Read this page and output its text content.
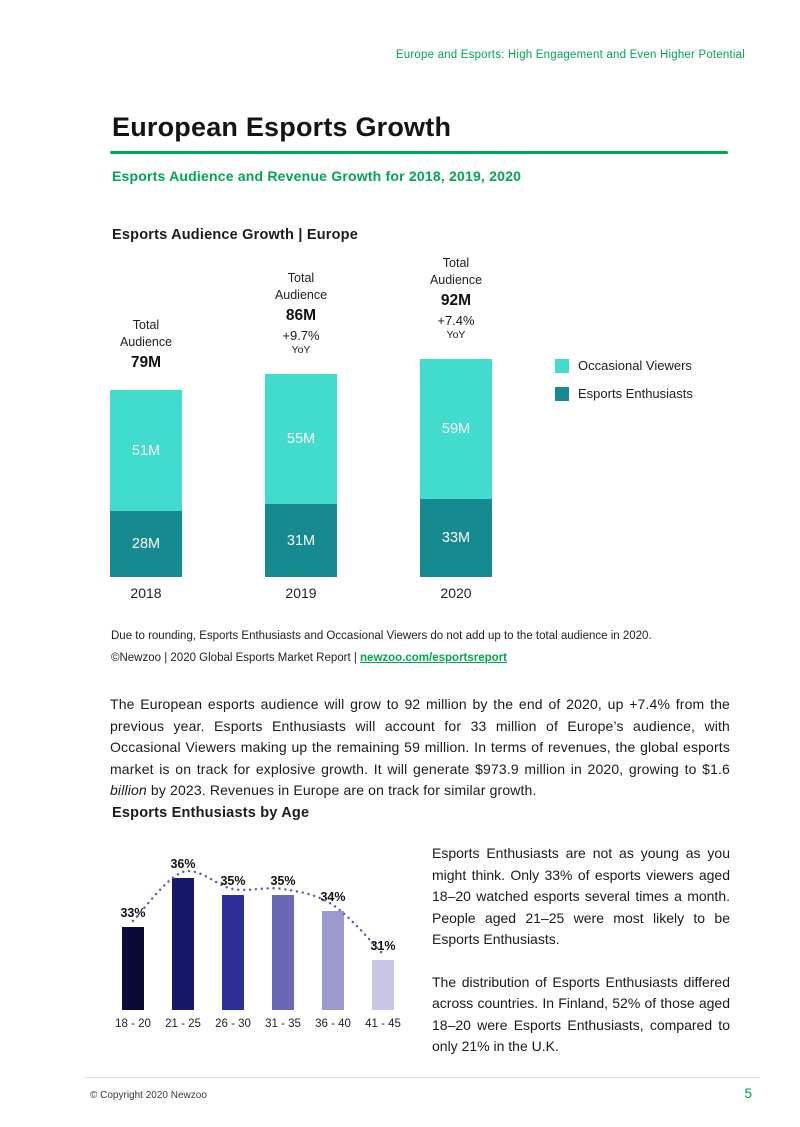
Europe and Esports: High Engagement and Even Higher Potential
European Esports Growth
Esports Audience and Revenue Growth for 2018, 2019, 2020
Esports Audience Growth | Europe
Occasional Viewers
Esports Enthusiasts
Total Audience
79M
51M
28M
2018
Total Audience
86M
+9.7%
YoY
55M
31M
2019
Total Audience
92M
+7.4%
YoY
59M
33M
2020
Due to rounding, Esports Enthusiasts and Occasional Viewers do not add up to the total audience in 2020.
©Newzoo | 2020 Global Esports Market Report | newzoo.com/esportsreport

The European esports audience will grow to 92 million by the end of 2020, up +7.4% from the previous year. Esports Enthusiasts will account for 33 million of Europe’s audience, with Occasional Viewers making up the remaining 59 million. In terms of revenues, the global esports market is on track for explosive growth. It will generate $973.9 million in 2020, growing to $1.6 billion by 2023. Revenues in Europe are on track for similar growth.

Esports Enthusiasts by Age
33%
36%
35%	35%
34%
31%
18 - 20	21 - 25	26 - 30	31 - 35	36 - 40	41 - 45

Esports Enthusiasts are not as young as you might think. Only 33% of esports viewers aged 18–20 watched esports several times a month. People aged 21–25 were most likely to be Esports Enthusiasts.

The distribution of Esports Enthusiasts differed across countries. In Finland, 52% of those aged 18–20 were Esports Enthusiasts, compared to only 21% in the U.K.

© Copyright 2020 Newzoo	5
